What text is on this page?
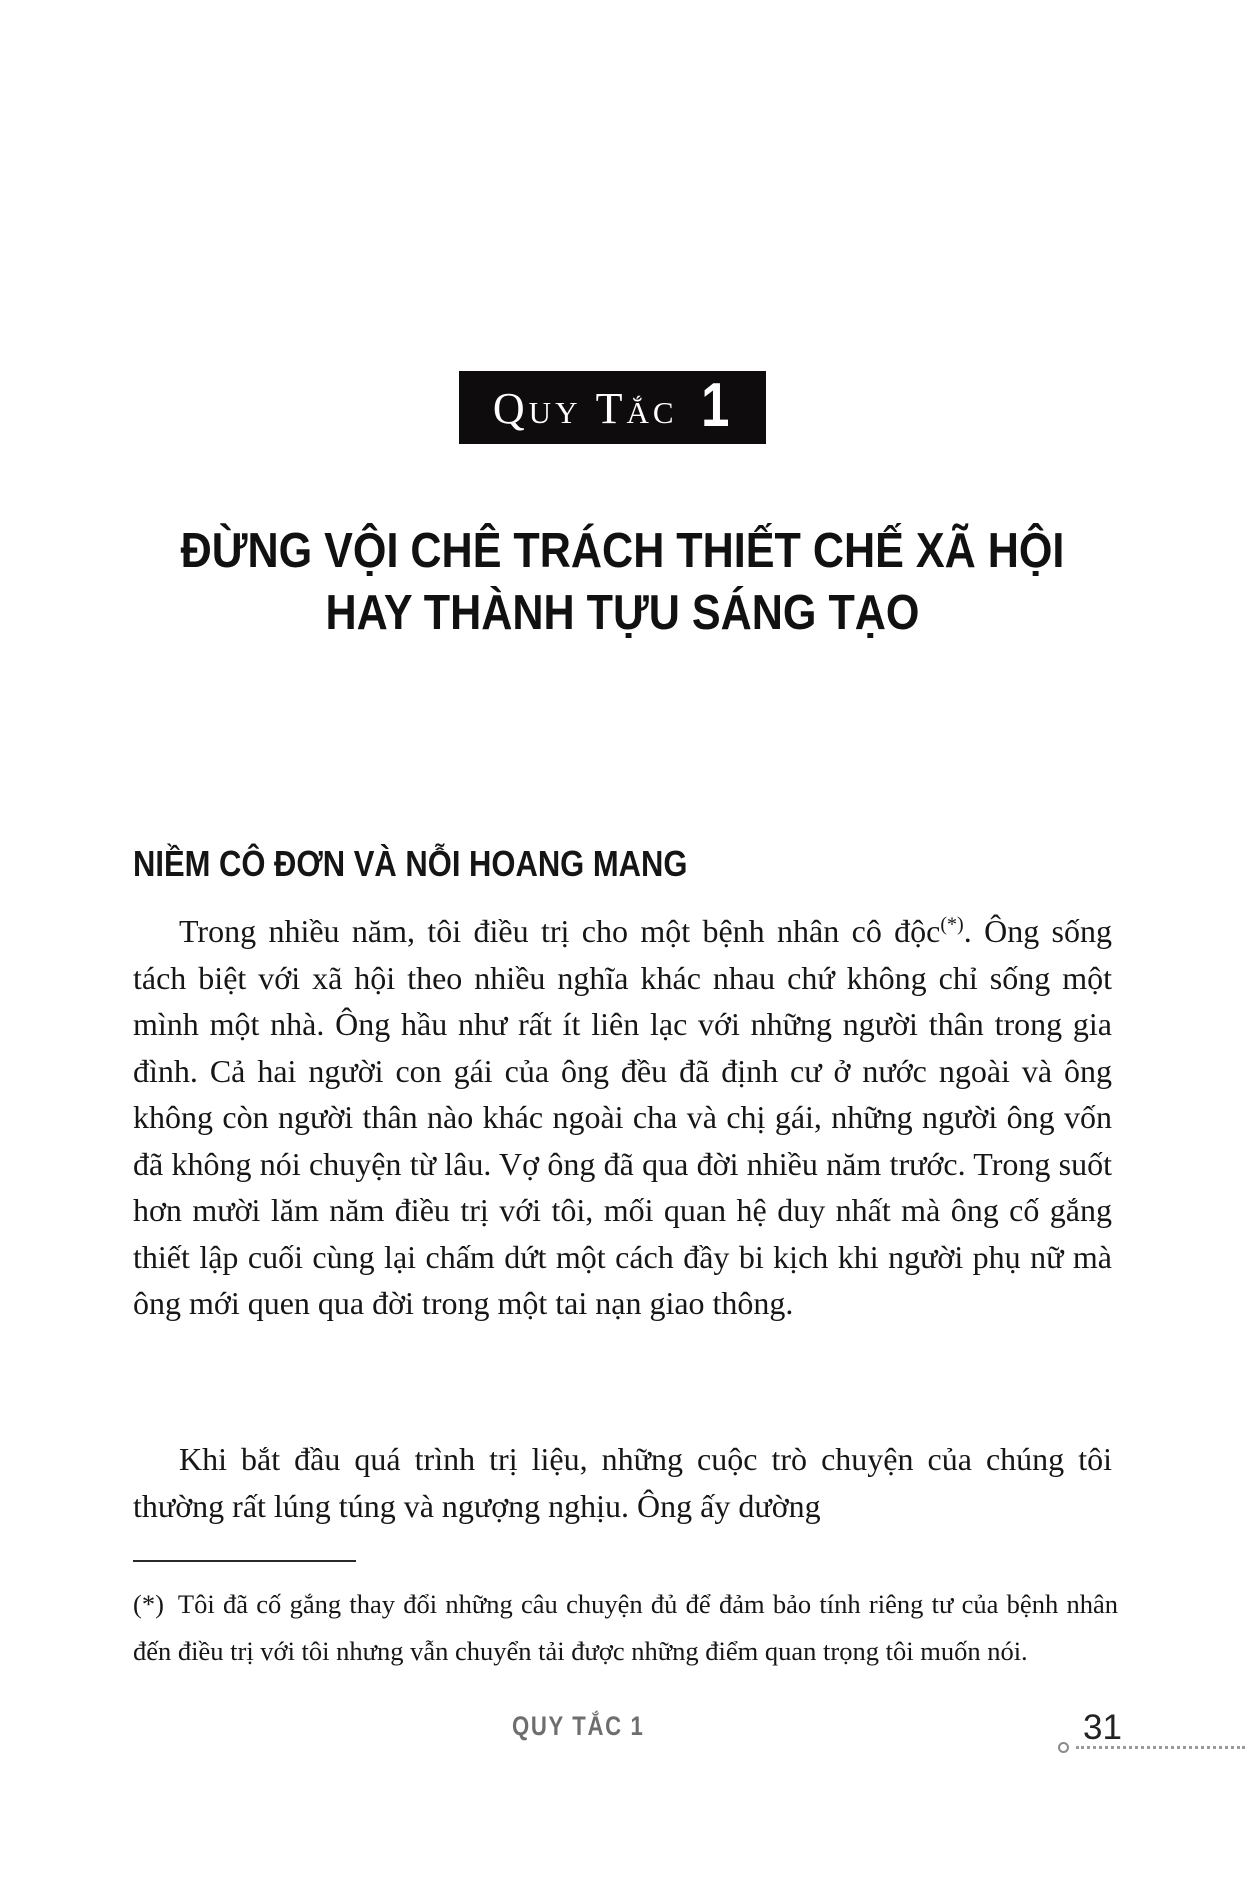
Quy Tắc 1
ĐỪNG VỘI CHÊ TRÁCH THIẾT CHẾ XÃ HỘI
HAY THÀNH TỰU SÁNG TẠO
NIỀM CÔ ĐƠN VÀ NỖI HOANG MANG

Trong nhiều năm, tôi điều trị cho một bệnh nhân cô độc(*). Ông sống tách biệt với xã hội theo nhiều nghĩa khác nhau chứ không chỉ sống một mình một nhà. Ông hầu như rất ít liên lạc với những người thân trong gia đình. Cả hai người con gái của ông đều đã định cư ở nước ngoài và ông không còn người thân nào khác ngoài cha và chị gái, những người ông vốn đã không nói chuyện từ lâu. Vợ ông đã qua đời nhiều năm trước. Trong suốt hơn mười lăm năm điều trị với tôi, mối quan hệ duy nhất mà ông cố gắng thiết lập cuối cùng lại chấm dứt một cách đầy bi kịch khi người phụ nữ mà ông mới quen qua đời trong một tai nạn giao thông.

Khi bắt đầu quá trình trị liệu, những cuộc trò chuyện của chúng tôi thường rất lúng túng và ngượng nghịu. Ông ấy dường

(*) Tôi đã cố gắng thay đổi những câu chuyện đủ để đảm bảo tính riêng tư của bệnh nhân đến điều trị với tôi nhưng vẫn chuyển tải được những điểm quan trọng tôi muốn nói.

QUY TẮC 1	31
